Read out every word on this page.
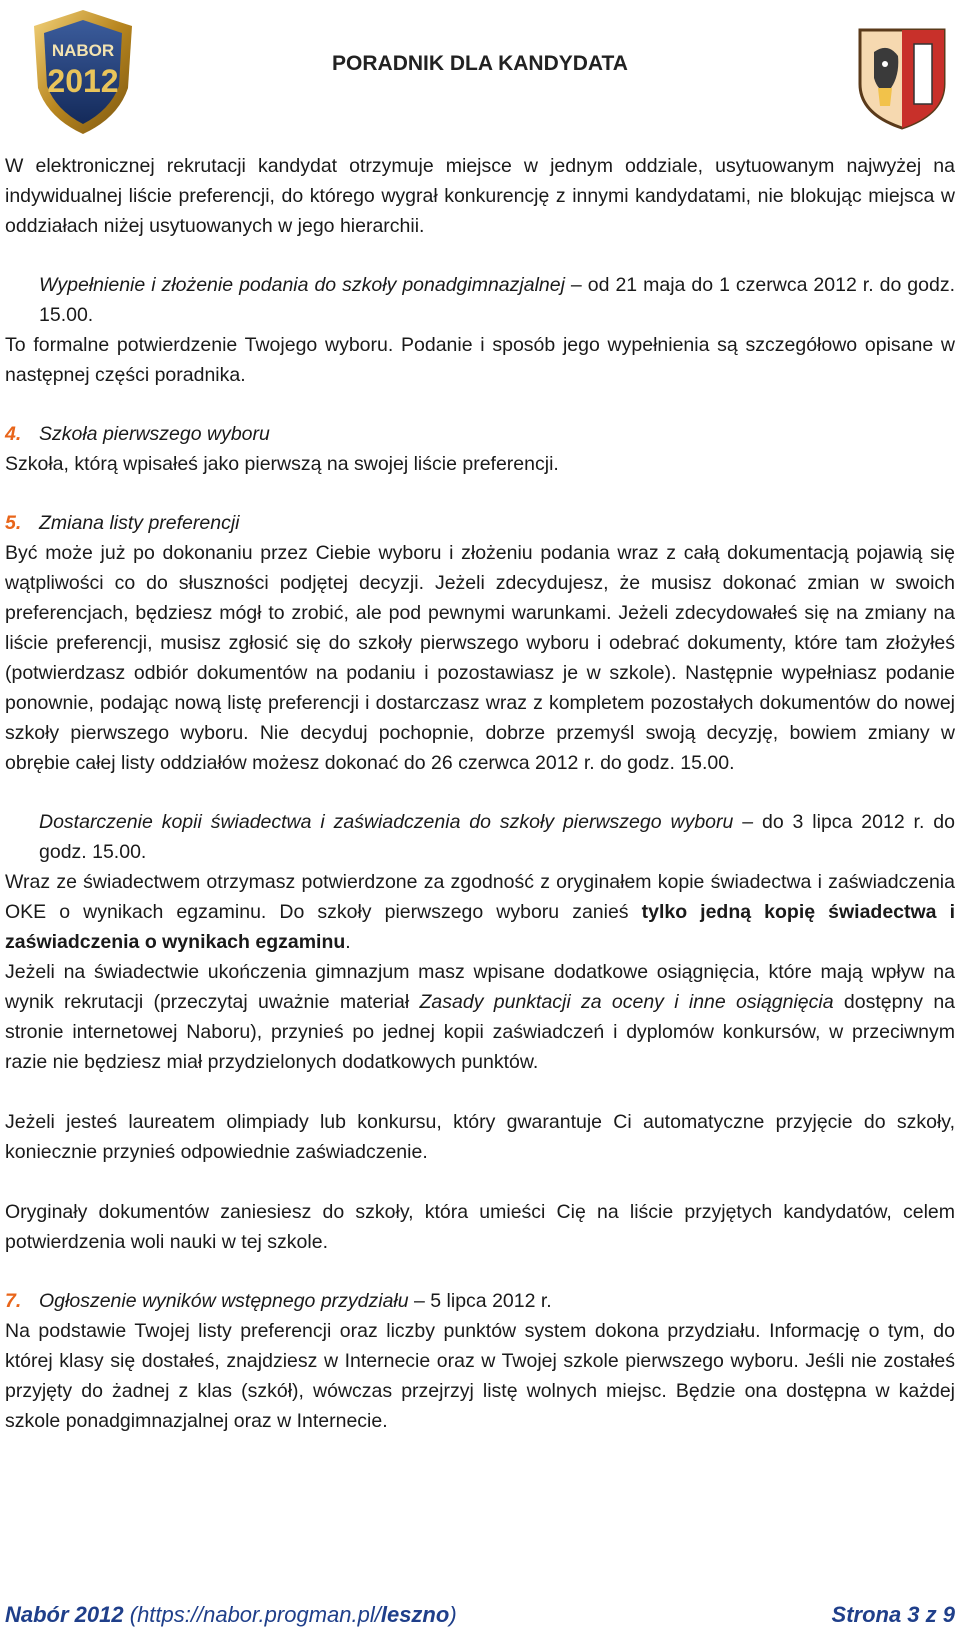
NABOR
2012	PORADNIK DLA KANDYDATA

W elektronicznej rekrutacji kandydat otrzymuje miejsce w jednym oddziale, usytuowanym najwyżej na indywidualnej liście preferencji, do którego wygrał konkurencję z innymi kandydatami, nie blokując miejsca w oddziałach niżej usytuowanych w jego hierarchii.

Wypełnienie i złożenie podania do szkoły ponadgimnazjalnej – od 21 maja do 1 czerwca 2012 r. do godz. 15.00.

To formalne potwierdzenie Twojego wyboru. Podanie i sposób jego wypełnienia są szczegółowo opisane w następnej części poradnika.

4. Szkoła pierwszego wyboru

Szkoła, którą wpisałeś jako pierwszą na swojej liście preferencji.

5. Zmiana listy preferencji

Być może już po dokonaniu przez Ciebie wyboru i złożeniu podania wraz z całą dokumentacją pojawią się wątpliwości co do słuszności podjętej decyzji. Jeżeli zdecydujesz, że musisz dokonać zmian w swoich preferencjach, będziesz mógł to zrobić, ale pod pewnymi warunkami. Jeżeli zdecydowałeś się na zmiany na liście preferencji, musisz zgłosić się do szkoły pierwszego wyboru i odebrać dokumenty, które tam złożyłeś (potwierdzasz odbiór dokumentów na podaniu i pozostawiasz je w szkole). Następnie wypełniasz podanie ponownie, podając nową listę preferencji i dostarczasz wraz z kompletem pozostałych dokumentów do nowej szkoły pierwszego wyboru. Nie decyduj pochopnie, dobrze przemyśl swoją decyzję, bowiem zmiany w obrębie całej listy oddziałów możesz dokonać do 26 czerwca 2012 r. do godz. 15.00.

Dostarczenie kopii świadectwa i zaświadczenia do szkoły pierwszego wyboru – do 3 lipca 2012 r. do godz. 15.00.

Wraz ze świadectwem otrzymasz potwierdzone za zgodność z oryginałem kopie świadectwa i zaświadczenia OKE o wynikach egzaminu. Do szkoły pierwszego wyboru zanieś tylko jedną kopię świadectwa i zaświadczenia o wynikach egzaminu.

Jeżeli na świadectwie ukończenia gimnazjum masz wpisane dodatkowe osiągnięcia, które mają wpływ na wynik rekrutacji (przeczytaj uważnie materiał Zasady punktacji za oceny i inne osiągnięcia dostępny na stronie internetowej Naboru), przynieś po jednej kopii zaświadczeń i dyplomów konkursów, w przeciwnym razie nie będziesz miał przydzielonych dodatkowych punktów.

Jeżeli jesteś laureatem olimpiady lub konkursu, który gwarantuje Ci automatyczne przyjęcie do szkoły, koniecznie przynieś odpowiednie zaświadczenie.

Oryginały dokumentów zaniesiesz do szkoły, która umieści Cię na liście przyjętych kandydatów, celem potwierdzenia woli nauki w tej szkole.

7. Ogłoszenie wyników wstępnego przydziału – 5 lipca 2012 r.

Na podstawie Twojej listy preferencji oraz liczby punktów system dokona przydziału. Informację o tym, do której klasy się dostałeś, znajdziesz w Internecie oraz w Twojej szkole pierwszego wyboru. Jeśli nie zostałeś przyjęty do żadnej z klas (szkół), wówczas przejrzyj listę wolnych miejsc. Będzie ona dostępna w każdej szkole ponadgimnazjalnej oraz w Internecie.

Nabór 2012 (https://nabor.progman.pl/leszno)	Strona 3 z 9
